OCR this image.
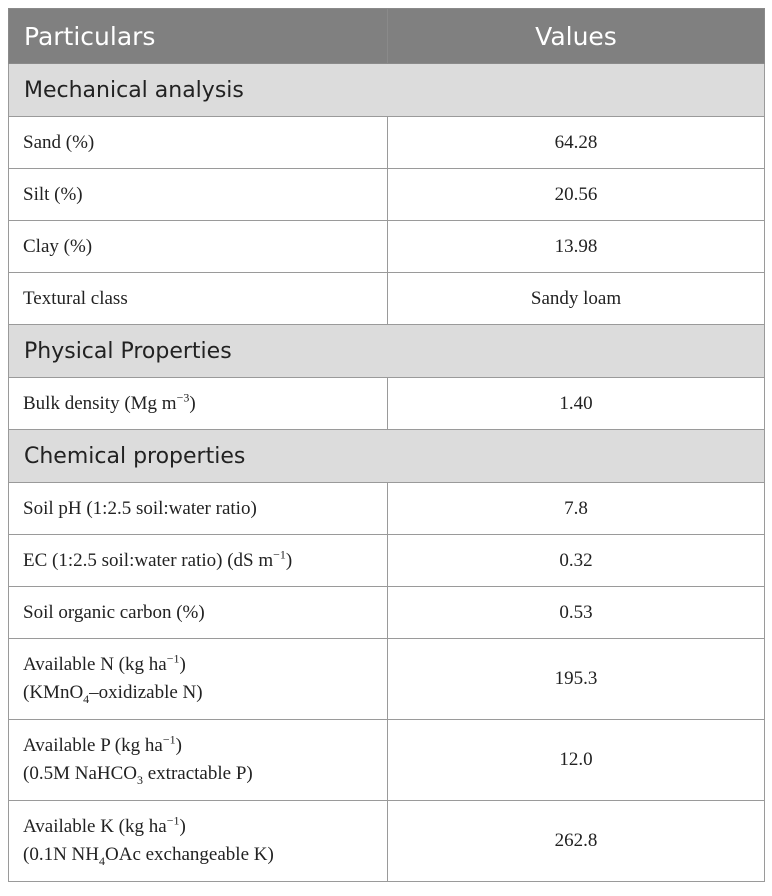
Particulars	Values
Mechanical analysis	
Sand (%)	64.28
Silt (%)	20.56
Clay (%)	13.98
Textural class	Sandy loam
Physical Properties	
Bulk density (Mg $m^{-3}$)	1.40
Chemical properties	
Soil pH (1:2.5 soil:water ratio)	7.8
EC (1:2.5 soil:water ratio) (dS $m^{-1}$)	0.32
Soil organic carbon (%)	0.53

Available N (kg $ha^{-1}$)
(KMnO$_4$–oxidizable N)	195.3

Available P (kg $ha^{-1}$)
(0.5M NaHCO$_3$ extractable P)	12.0

Available K (kg $ha^{-1}$)
(0.1N $NH_4OAc$ exchangeable K)	262.8
